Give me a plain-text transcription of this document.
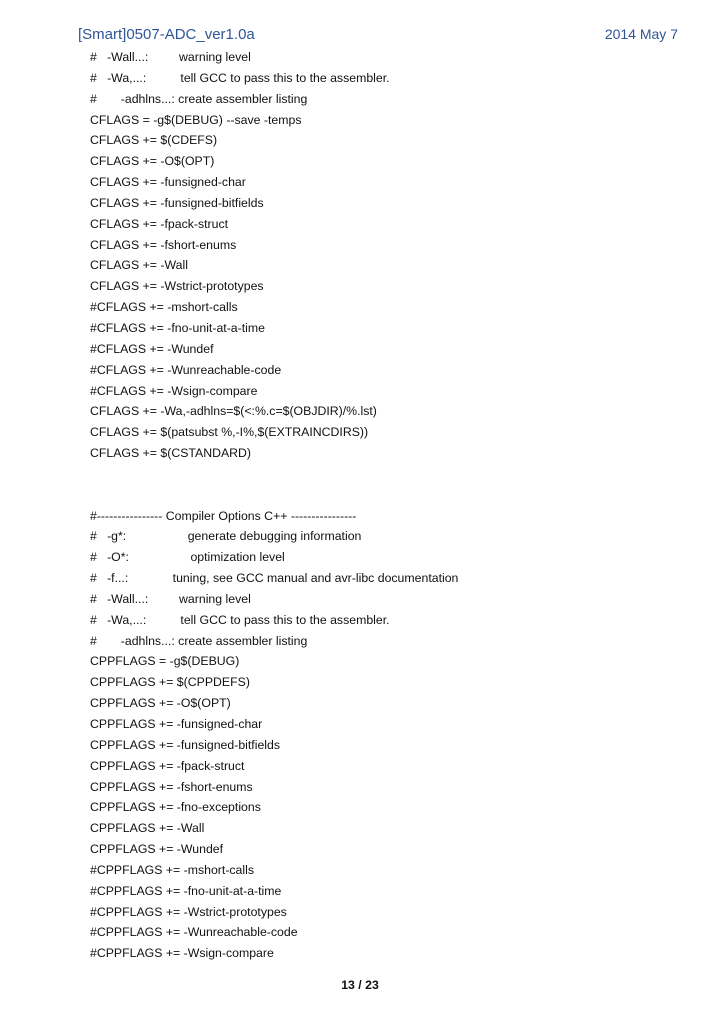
[Smart]0507-ADC_ver1.0a	2014 May 7
#   -Wall...:         warning level
#   -Wa,...:          tell GCC to pass this to the assembler.
#       -adhlns...: create assembler listing
CFLAGS = -g$(DEBUG) --save -temps
CFLAGS += $(CDEFS)
CFLAGS += -O$(OPT)
CFLAGS += -funsigned-char
CFLAGS += -funsigned-bitfields
CFLAGS += -fpack-struct
CFLAGS += -fshort-enums
CFLAGS += -Wall
CFLAGS += -Wstrict-prototypes
#CFLAGS += -mshort-calls
#CFLAGS += -fno-unit-at-a-time
#CFLAGS += -Wundef
#CFLAGS += -Wunreachable-code
#CFLAGS += -Wsign-compare
CFLAGS += -Wa,-adhlns=$(<:%.c=$(OBJDIR)/%.lst)
CFLAGS += $(patsubst %,-I%,$(EXTRAINCDIRS))
CFLAGS += $(CSTANDARD)
#---------------- Compiler Options C++ ----------------
#   -g*:                  generate debugging information
#   -O*:                  optimization level
#   -f...:             tuning, see GCC manual and avr-libc documentation
#   -Wall...:         warning level
#   -Wa,...:          tell GCC to pass this to the assembler.
#       -adhlns...: create assembler listing
CPPFLAGS = -g$(DEBUG)
CPPFLAGS += $(CPPDEFS)
CPPFLAGS += -O$(OPT)
CPPFLAGS += -funsigned-char
CPPFLAGS += -funsigned-bitfields
CPPFLAGS += -fpack-struct
CPPFLAGS += -fshort-enums
CPPFLAGS += -fno-exceptions
CPPFLAGS += -Wall
CPPFLAGS += -Wundef
#CPPFLAGS += -mshort-calls
#CPPFLAGS += -fno-unit-at-a-time
#CPPFLAGS += -Wstrict-prototypes
#CPPFLAGS += -Wunreachable-code
#CPPFLAGS += -Wsign-compare
13 / 23
